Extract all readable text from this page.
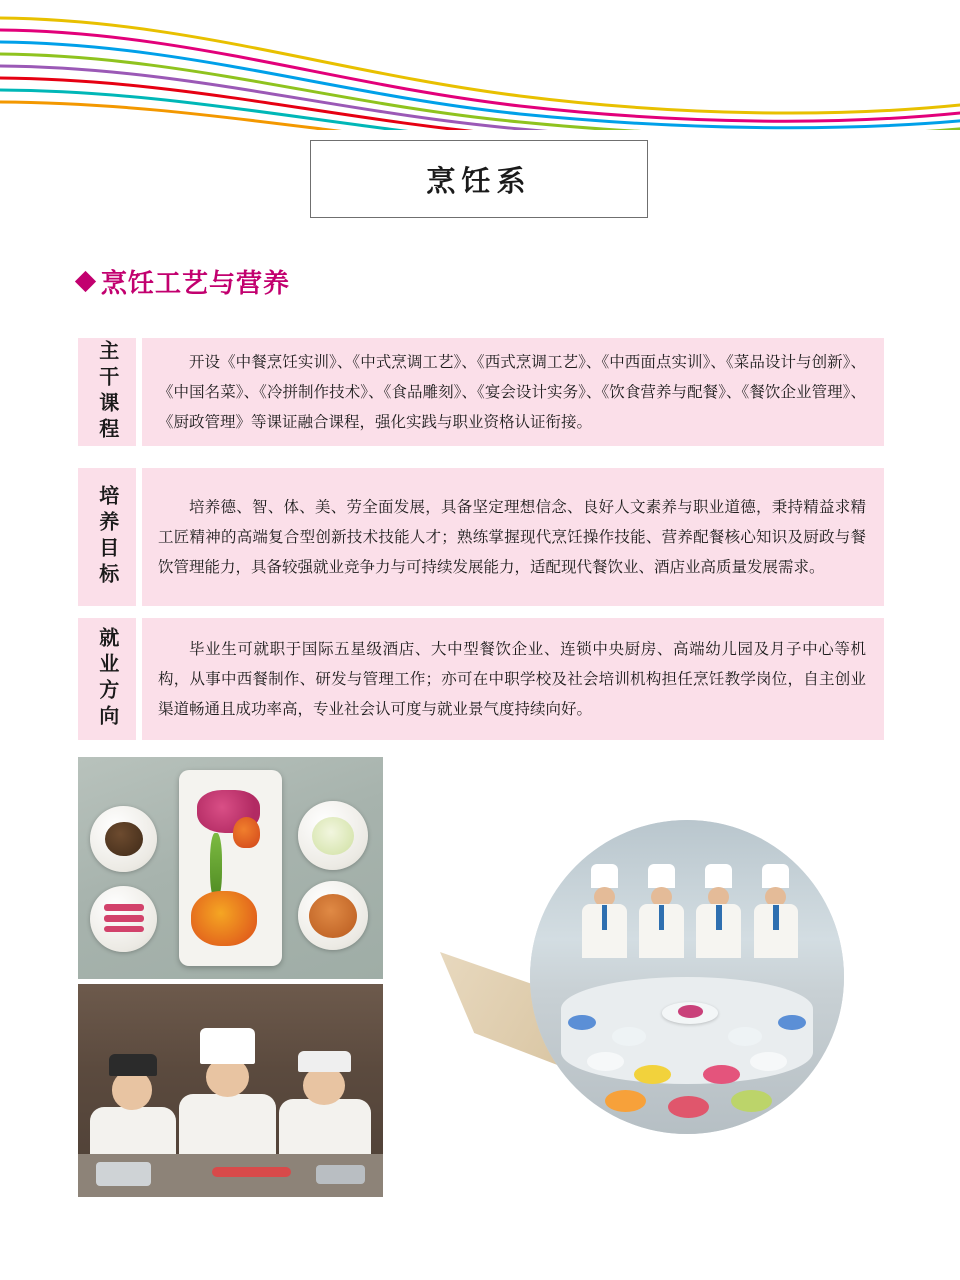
烹饪系
烹饪工艺与营养
主干课程	开设《中餐烹饪实训》、《中式烹调工艺》、《西式烹调工艺》、《中西面点实训》、《菜品设计与创新》、《中国名菜》、《冷拼制作技术》、《食品雕刻》、《宴会设计实务》、《饮食营养与配餐》、《餐饮企业管理》、《厨政管理》等课证融合课程，强化实践与职业资格认证衔接。

培养目标	培养德、智、体、美、劳全面发展，具备坚定理想信念、良好人文素养与职业道德，秉持精益求精工匠精神的高端复合型创新技术技能人才；熟练掌握现代烹饪操作技能、营养配餐核心知识及厨政与餐饮管理能力，具备较强就业竞争力与可持续发展能力，适配现代餐饮业、酒店业高质量发展需求。

就业方向	毕业生可就职于国际五星级酒店、大中型餐饮企业、连锁中央厨房、高端幼儿园及月子中心等机构，从事中西餐制作、研发与管理工作；亦可在中职学校及社会培训机构担任烹饪教学岗位，自主创业渠道畅通且成功率高，专业社会认可度与就业景气度持续向好。
